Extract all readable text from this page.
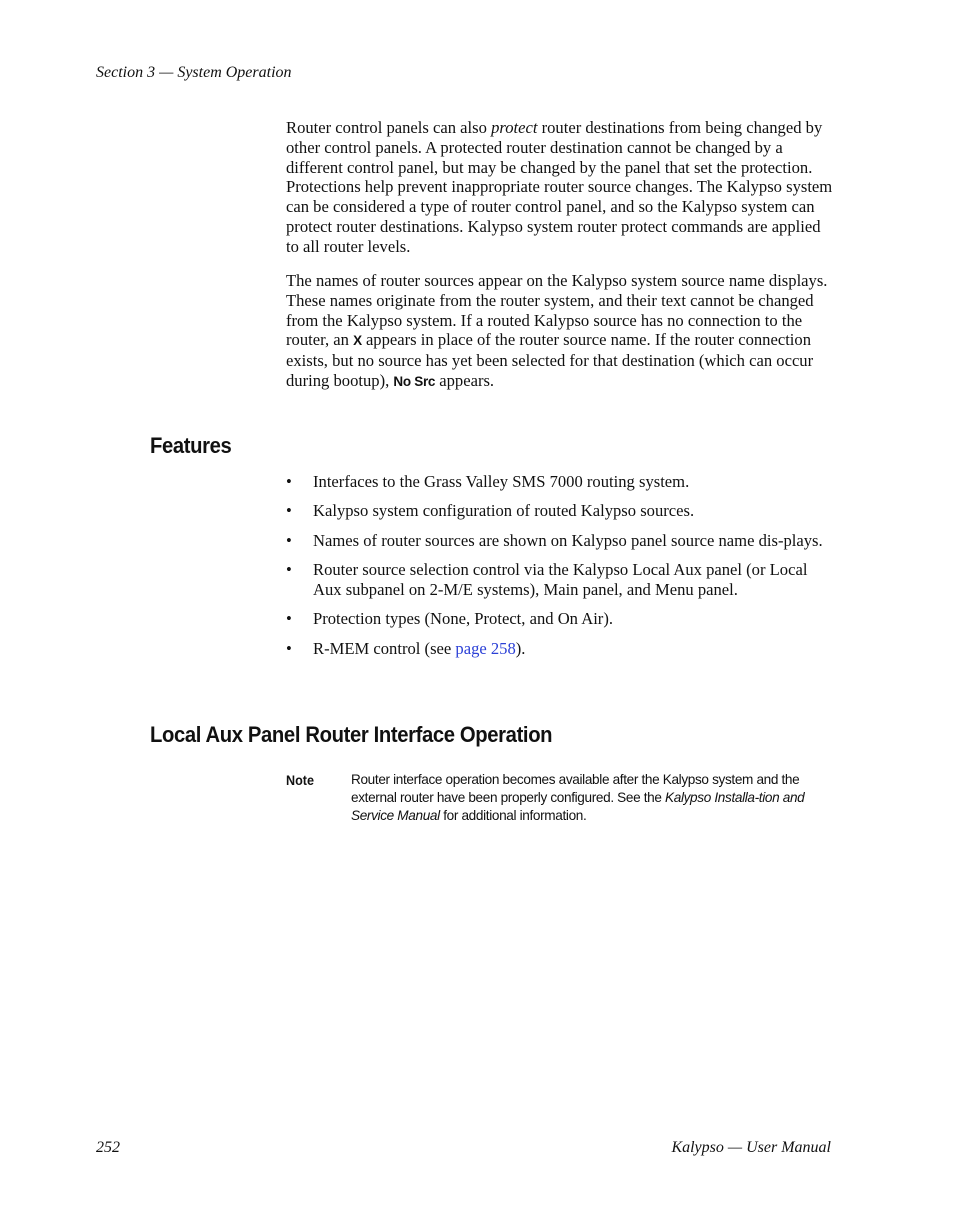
Section 3 — System Operation

Router control panels can also protect router destinations from being changed by other control panels. A protected router destination cannot be changed by a different control panel, but may be changed by the panel that set the protection. Protections help prevent inappropriate router source changes. The Kalypso system can be considered a type of router control panel, and so the Kalypso system can protect router destinations. Kalypso system router protect commands are applied to all router levels.

The names of router sources appear on the Kalypso system source name displays. These names originate from the router system, and their text cannot be changed from the Kalypso system. If a routed Kalypso source has no connection to the router, an X appears in place of the router source name. If the router connection exists, but no source has yet been selected for that destination (which can occur during bootup), No Src appears.

Features
• Interfaces to the Grass Valley SMS 7000 routing system.
• Kalypso system configuration of routed Kalypso sources.
• Names of router sources are shown on Kalypso panel source name dis-plays.
• Router source selection control via the Kalypso Local Aux panel (or Local Aux subpanel on 2-M/E systems), Main panel, and Menu panel.
• Protection types (None, Protect, and On Air).
• R-MEM control (see page 258).
Local Aux Panel Router Interface Operation
Note	Router interface operation becomes available after the Kalypso system and the external router have been properly configured. See the Kalypso Installa-tion and Service Manual for additional information.

252	Kalypso — User Manual
